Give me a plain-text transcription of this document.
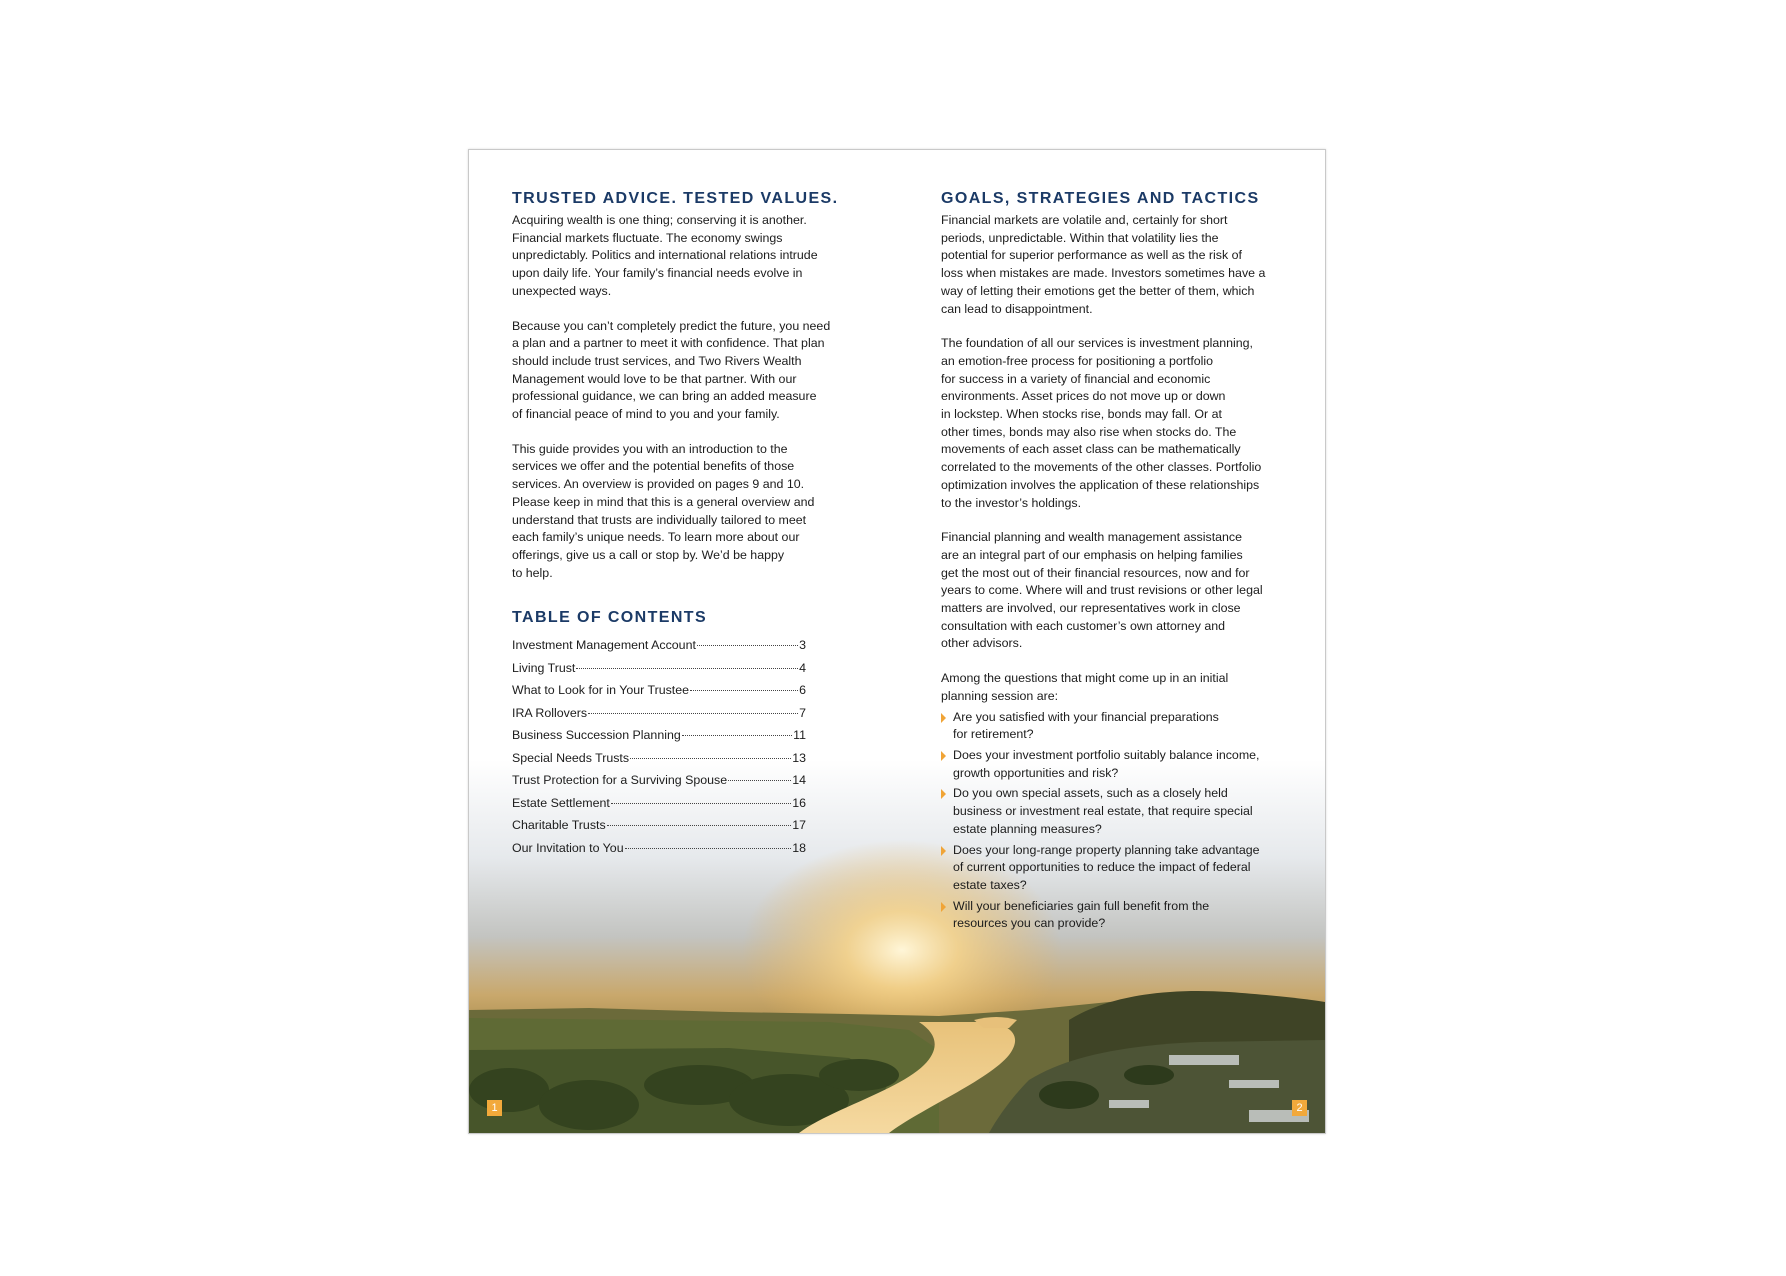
TRUSTED ADVICE. TESTED VALUES.

Acquiring wealth is one thing; conserving it is another.
Financial markets fluctuate. The economy swings
unpredictably. Politics and international relations intrude
upon daily life. Your family’s financial needs evolve in
unexpected ways.

Because you can’t completely predict the future, you need
a plan and a partner to meet it with confidence. That plan
should include trust services, and Two Rivers Wealth
Management would love to be that partner. With our
professional guidance, we can bring an added measure
of financial peace of mind to you and your family.

This guide provides you with an introduction to the
services we offer and the potential benefits of those
services. An overview is provided on pages 9 and 10.
Please keep in mind that this is a general overview and
understand that trusts are individually tailored to meet
each family’s unique needs. To learn more about our
offerings, give us a call or stop by. We’d be happy
to help.

TABLE OF CONTENTS
Investment Management Account	3
Living Trust	4
What to Look for in Your Trustee	6
IRA Rollovers	7
Business Succession Planning	11
Special Needs Trusts	13
Trust Protection for a Surviving Spouse	14
Estate Settlement	16
Charitable Trusts	17
Our Invitation to You	18
GOALS, STRATEGIES AND TACTICS

Financial markets are volatile and, certainly for short
periods, unpredictable. Within that volatility lies the
potential for superior performance as well as the risk of
loss when mistakes are made. Investors sometimes have a
way of letting their emotions get the better of them, which
can lead to disappointment.

The foundation of all our services is investment planning,
an emotion-free process for positioning a portfolio
for success in a variety of financial and economic
environments. Asset prices do not move up or down
in lockstep. When stocks rise, bonds may fall. Or at
other times, bonds may also rise when stocks do. The
movements of each asset class can be mathematically
correlated to the movements of the other classes. Portfolio
optimization involves the application of these relationships
to the investor’s holdings.

Financial planning and wealth management assistance
are an integral part of our emphasis on helping families
get the most out of their financial resources, now and for
years to come. Where will and trust revisions or other legal
matters are involved, our representatives work in close
consultation with each customer’s own attorney and
other advisors.

Among the questions that might come up in an initial
planning session are:

Are you satisfied with your financial preparations
for retirement?
Does your investment portfolio suitably balance income,
growth opportunities and risk?
Do you own special assets, such as a closely held
business or investment real estate, that require special
estate planning measures?
Does your long-range property planning take advantage
of current opportunities to reduce the impact of federal
estate taxes?
Will your beneficiaries gain full benefit from the
resources you can provide?
1	2
